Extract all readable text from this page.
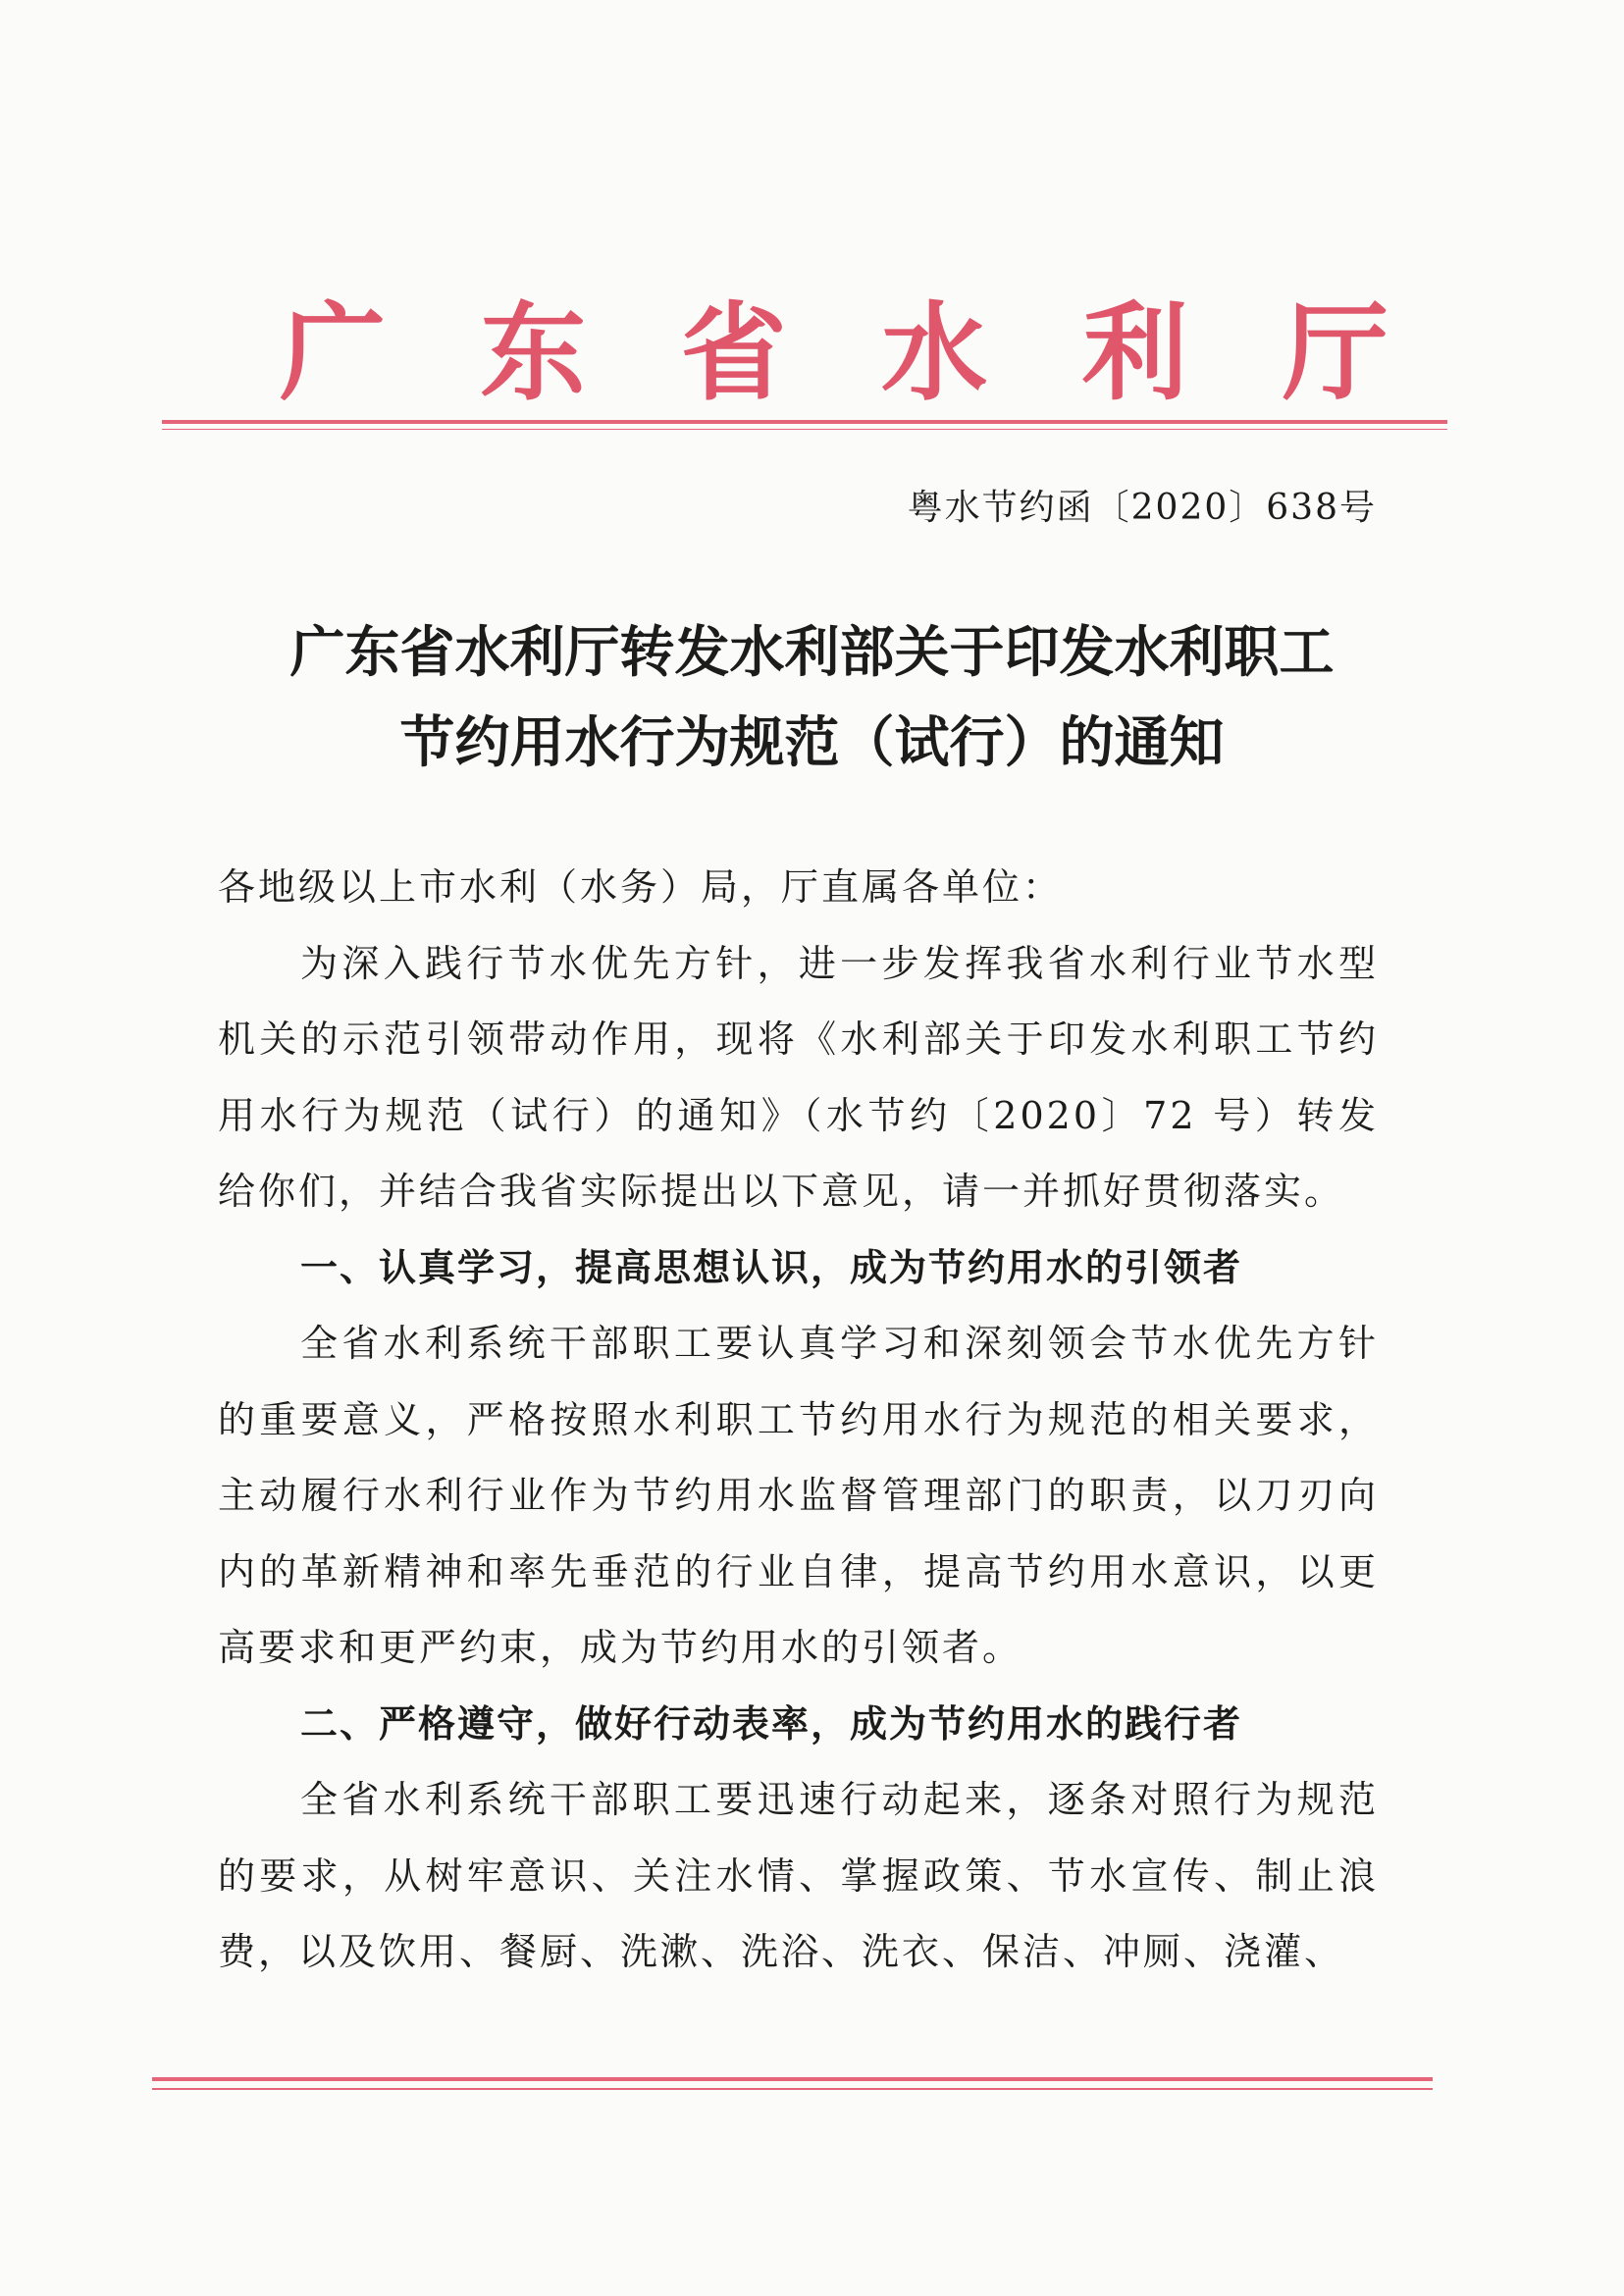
广 东 省 水 利 厅
粤水节约函〔2020〕638号
广东省水利厅转发水利部关于印发水利职工
节约用水行为规范（试行）的通知

各地级以上市水利（水务）局，厅直属各单位：

为深入践行节水优先方针，进一步发挥我省水利行业节水型机关的示范引领带动作用，现将《水利部关于印发水利职工节约用水行为规范（试行）的通知》（水节约〔2020〕72 号）转发给你们，并结合我省实际提出以下意见，请一并抓好贯彻落实。

一、认真学习，提高思想认识，成为节约用水的引领者

全省水利系统干部职工要认真学习和深刻领会节水优先方针的重要意义，严格按照水利职工节约用水行为规范的相关要求，主动履行水利行业作为节约用水监督管理部门的职责，以刀刃向内的革新精神和率先垂范的行业自律，提高节约用水意识，以更高要求和更严约束，成为节约用水的引领者。

二、严格遵守，做好行动表率，成为节约用水的践行者

全省水利系统干部职工要迅速行动起来，逐条对照行为规范的要求，从树牢意识、关注水情、掌握政策、节水宣传、制止浪费，以及饮用、餐厨、洗漱、洗浴、洗衣、保洁、冲厕、浇灌、
